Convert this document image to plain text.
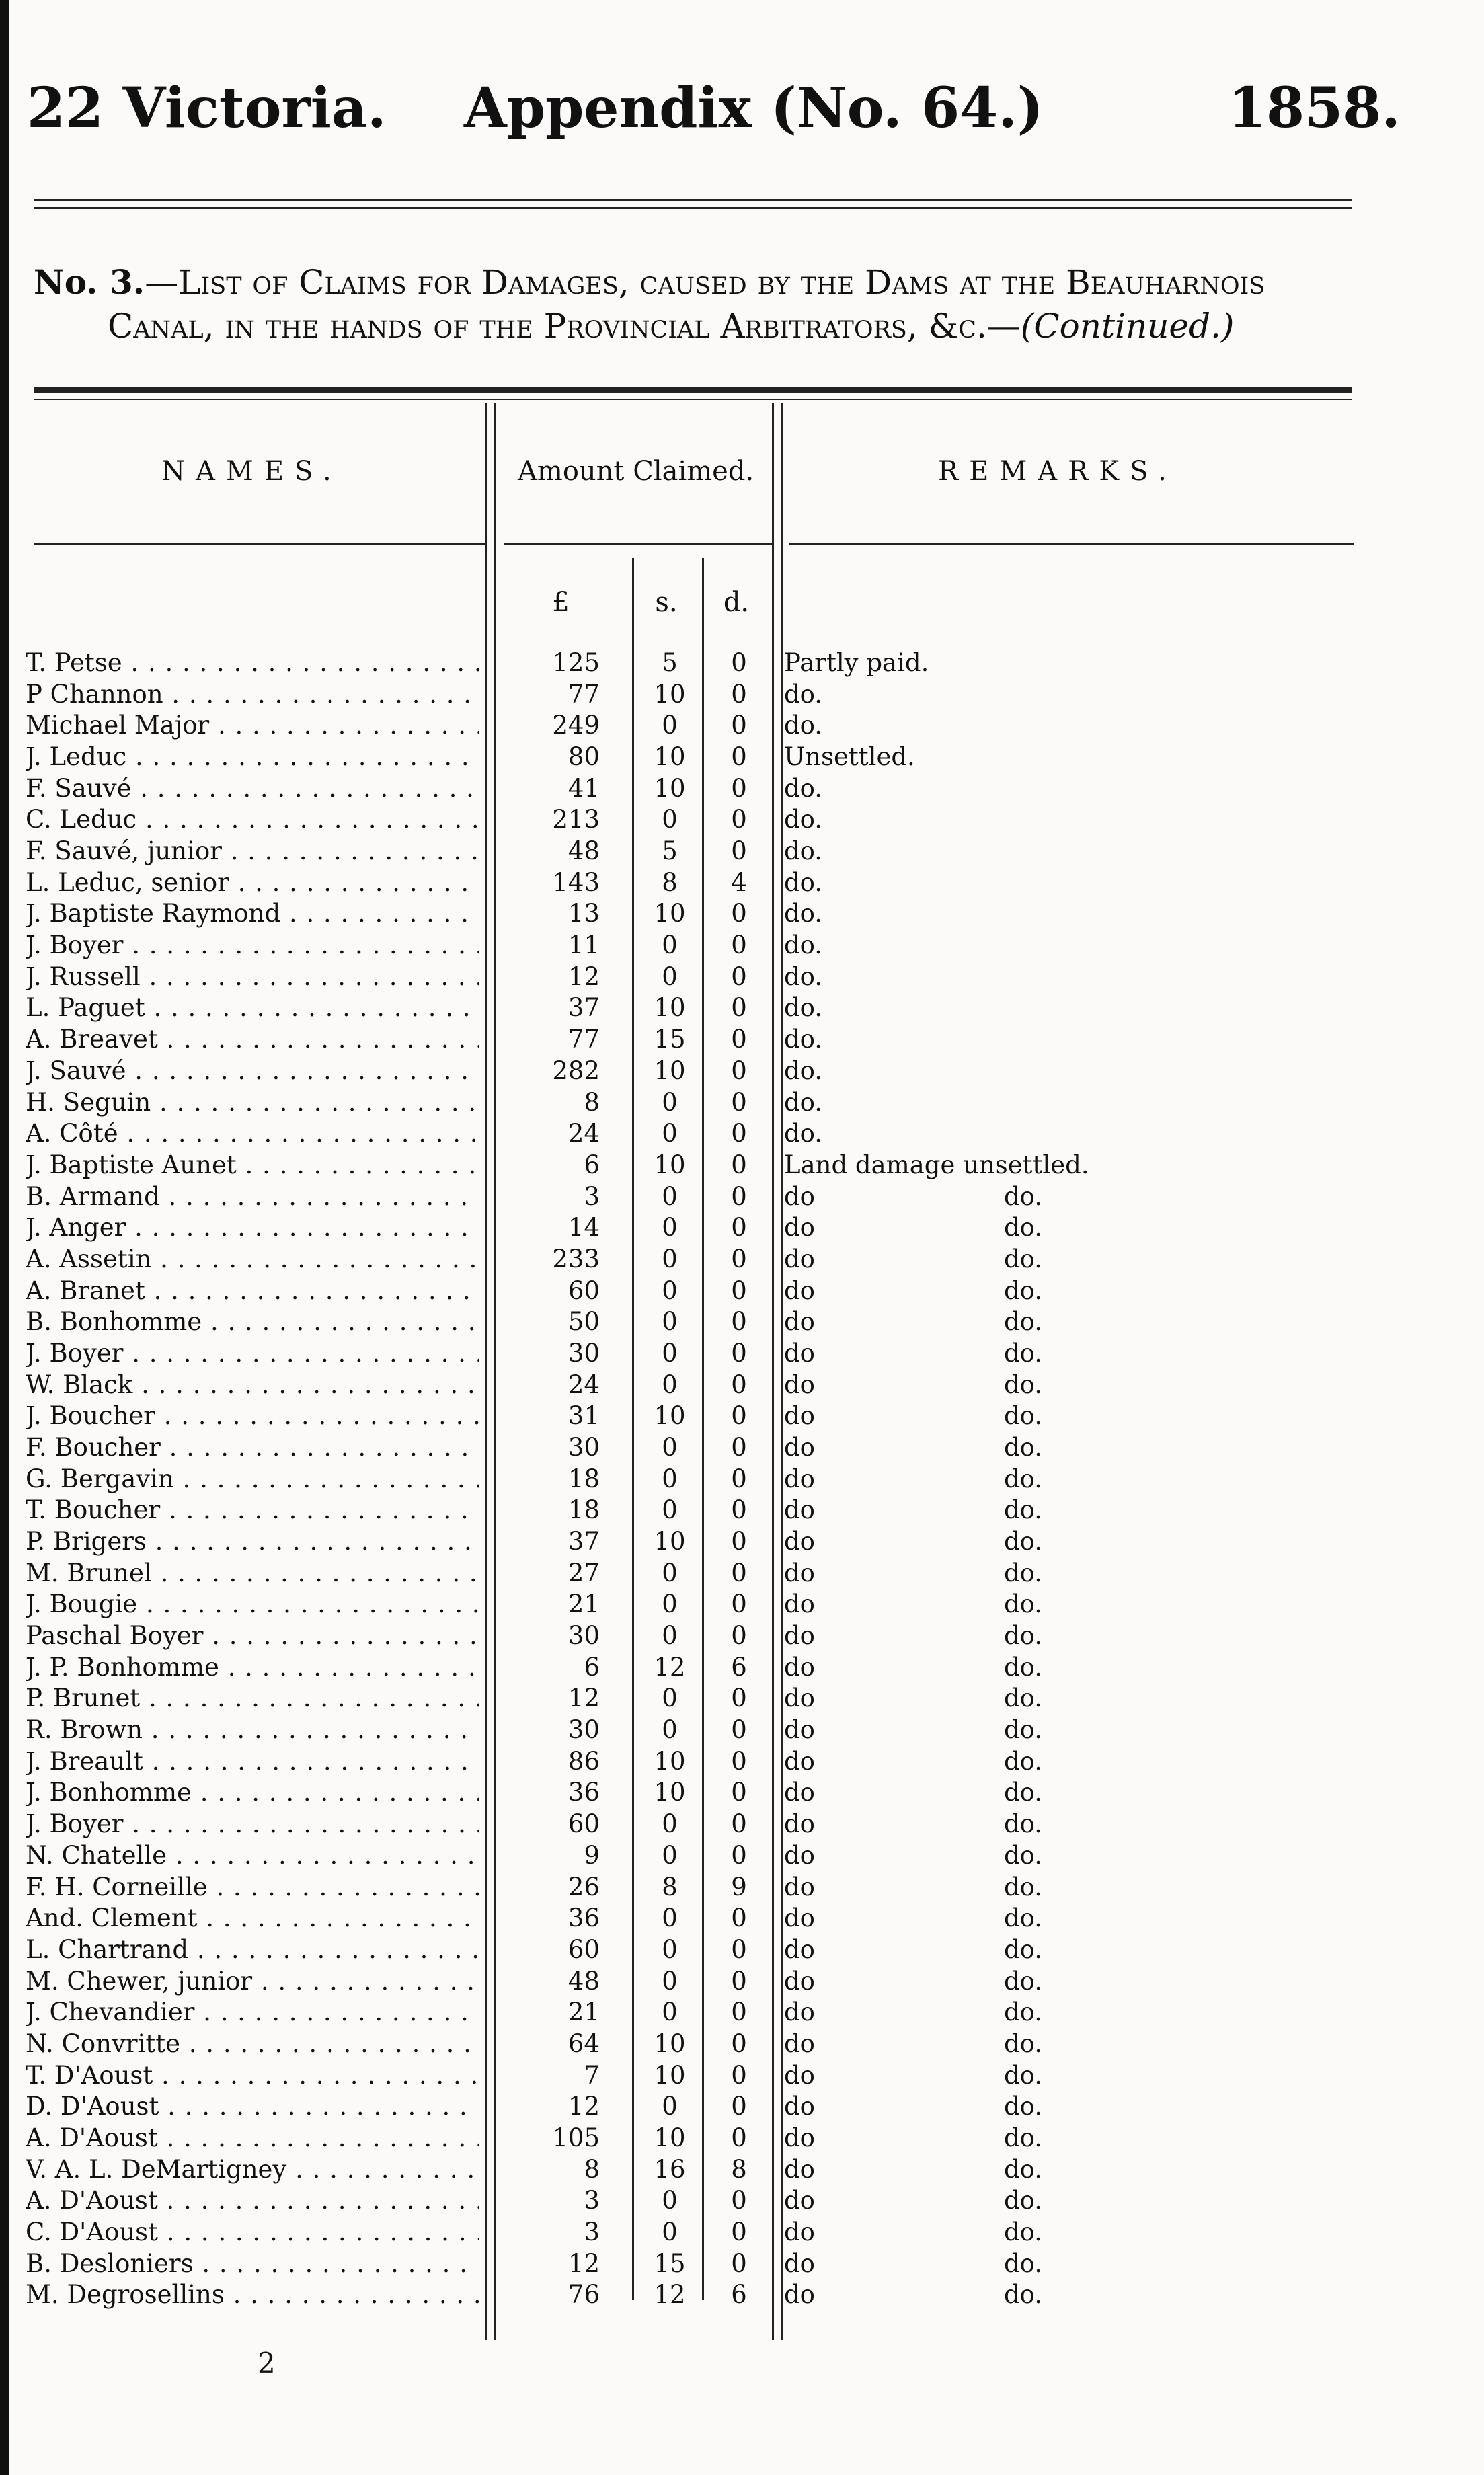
22 Victoria. Appendix (No. 64.)	1858.
No. 3.—List of Claims for Damages, caused by the Dams at the Beauharnois
Canal, in the hands of the Provincial Arbitrators, &c.—(Continued.)
NAMES.	Amount Claimed.	REMARKS.
£	s.	d.
T. Petse . . .	125	5	0	Partly paid.
P Channon . . .	77	10	0	do.
Michael Major . . .	249	0	0	do.
J. Leduc . . .	80	10	0	Unsettled.
F. Sauvé . . .	41	10	0	do.
C. Leduc . . .	213	0	0	do.
F. Sauvé, junior . . .	48	5	0	do.
L. Leduc, senior . . .	143	8	4	do.
J. Baptiste Raymond . . .	13	10	0	do.
J. Boyer . . .	11	0	0	do.
J. Russell . . .	12	0	0	do.
L. Paguet . . .	37	10	0	do.
A. Breavet . . .	77	15	0	do.
J. Sauvé . . .	282	10	0	do.
H. Seguin . . .	8	0	0	do.
A. Côté . . .	24	0	0	do.
J. Baptiste Aunet . . .	6	10	0	Land damage unsettled.
B. Armand . . .	3	0	0	do	do.
J. Anger . . .	14	0	0	do	do.
A. Assetin . . .	233	0	0	do	do.
A. Branet . . .	60	0	0	do	do.
B. Bonhomme . . .	50	0	0	do	do.
J. Boyer . . .	30	0	0	do	do.
W. Black . . .	24	0	0	do	do.
J. Boucher . . .	31	10	0	do	do.
F. Boucher . . .	30	0	0	do	do.
G. Bergavin . . .	18	0	0	do	do.
T. Boucher . . .	18	0	0	do	do.
P. Brigers . . .	37	10	0	do	do.
M. Brunel . . .	27	0	0	do	do.
J. Bougie . . .	21	0	0	do	do.
Paschal Boyer . . .	30	0	0	do	do.
J. P. Bonhomme . . .	6	12	6	do	do.
P. Brunet . . .	12	0	0	do	do.
R. Brown . . .	30	0	0	do	do.
J. Breault . . .	86	10	0	do	do.
J. Bonhomme . . .	36	10	0	do	do.
J. Boyer . . .	60	0	0	do	do.
N. Chatelle . . .	9	0	0	do	do.
F. H. Corneille . . .	26	8	9	do	do.
And. Clement . . .	36	0	0	do	do.
L. Chartrand . . .	60	0	0	do	do.
M. Chewer, junior . . .	48	0	0	do	do.
J. Chevandier . . .	21	0	0	do	do.
N. Convritte . . .	64	10	0	do	do.
T. D'Aoust . . .	7	10	0	do	do.
D. D'Aoust . . .	12	0	0	do	do.
A. D'Aoust . . .	105	10	0	do	do.
V. A. L. DeMartigney . . .	8	16	8	do	do.
A. D'Aoust . . .	3	0	0	do	do.
C. D'Aoust . . .	3	0	0	do	do.
B. Desloniers . . .	12	15	0	do	do.
M. Degrosellins . . .	76	12	6	do	do.
2
